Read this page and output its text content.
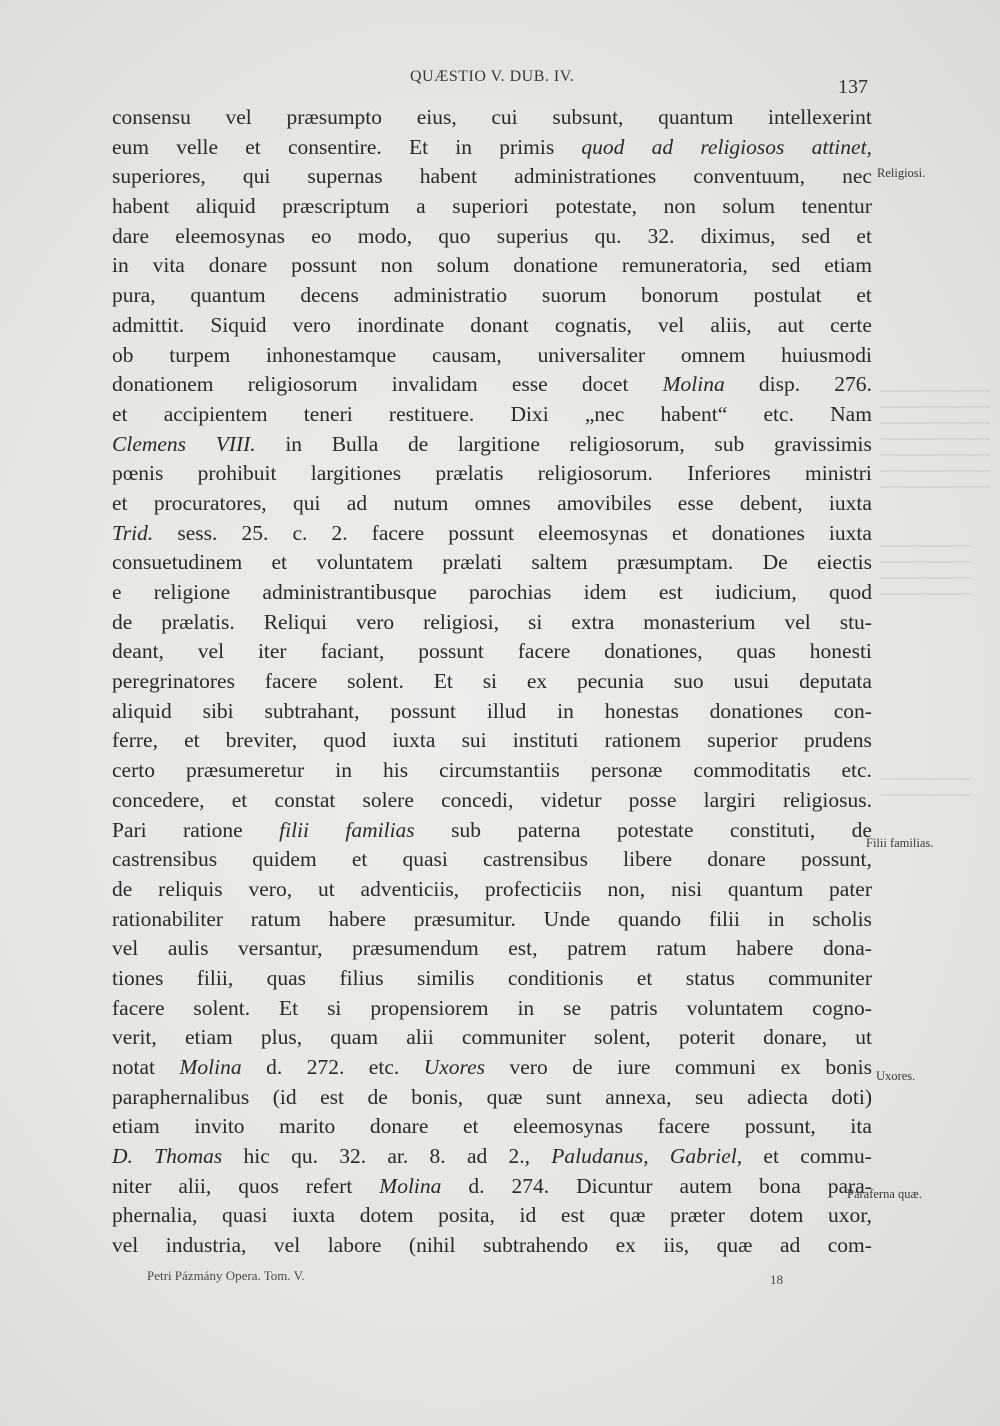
QUÆSTIO V. DUB. IV.	137
consensu vel præsumpto eius, cui subsunt, quantum intellexerint
eum velle et consentire. Et in primis quod ad religiosos attinet,
superiores, qui supernas habent administrationes conventuum, nec
habent aliquid præscriptum a superiori potestate, non solum tenentur
dare eleemosynas eo modo, quo superius qu. 32. diximus, sed et
in vita donare possunt non solum donatione remuneratoria, sed etiam
pura, quantum decens administratio suorum bonorum postulat et
admittit. Siquid vero inordinate donant cognatis, vel aliis, aut certe
ob turpem inhonestamque causam, universaliter omnem huiusmodi
donationem religiosorum invalidam esse docet Molina disp. 276.
et accipientem teneri restituere. Dixi „nec habent“ etc. Nam
Clemens VIII. in Bulla de largitione religiosorum, sub gravissimis
pœnis prohibuit largitiones prælatis religiosorum. Inferiores ministri
et procuratores, qui ad nutum omnes amovibiles esse debent, iuxta
Trid. sess. 25. c. 2. facere possunt eleemosynas et donationes iuxta
consuetudinem et voluntatem prælati saltem præsumptam. De eiectis
e religione administrantibusque parochias idem est iudicium, quod
de prælatis. Reliqui vero religiosi, si extra monasterium vel stu-
deant, vel iter faciant, possunt facere donationes, quas honesti
peregrinatores facere solent. Et si ex pecunia suo usui deputata
aliquid sibi subtrahant, possunt illud in honestas donationes con-
ferre, et breviter, quod iuxta sui instituti rationem superior prudens
certo præsumeretur in his circumstantiis personæ commoditatis etc.
concedere, et constat solere concedi, videtur posse largiri religiosus.
Pari ratione filii familias sub paterna potestate constituti, de
castrensibus quidem et quasi castrensibus libere donare possunt,
de reliquis vero, ut adventiciis, profecticiis non, nisi quantum pater
rationabiliter ratum habere præsumitur. Unde quando filii in scholis
vel aulis versantur, præsumendum est, patrem ratum habere dona-
tiones filii, quas filius similis conditionis et status communiter
facere solent. Et si propensiorem in se patris voluntatem cogno-
verit, etiam plus, quam alii communiter solent, poterit donare, ut
notat Molina d. 272. etc. Uxores vero de iure communi ex bonis
paraphernalibus (id est de bonis, quæ sunt annexa, seu adiecta doti)
etiam invito marito donare et eleemosynas facere possunt, ita
D. Thomas hic qu. 32. ar. 8. ad 2., Paludanus, Gabriel, et commu-
niter alii, quos refert Molina d. 274. Dicuntur autem bona para-
phernalia, quasi iuxta dotem posita, id est quæ præter dotem uxor,
vel industria, vel labore (nihil subtrahendo ex iis, quæ ad com-
Religiosi.
Filii familias.
Uxores.
Paraferna quæ.
Petri Pázmány Opera. Tom. V.	18
